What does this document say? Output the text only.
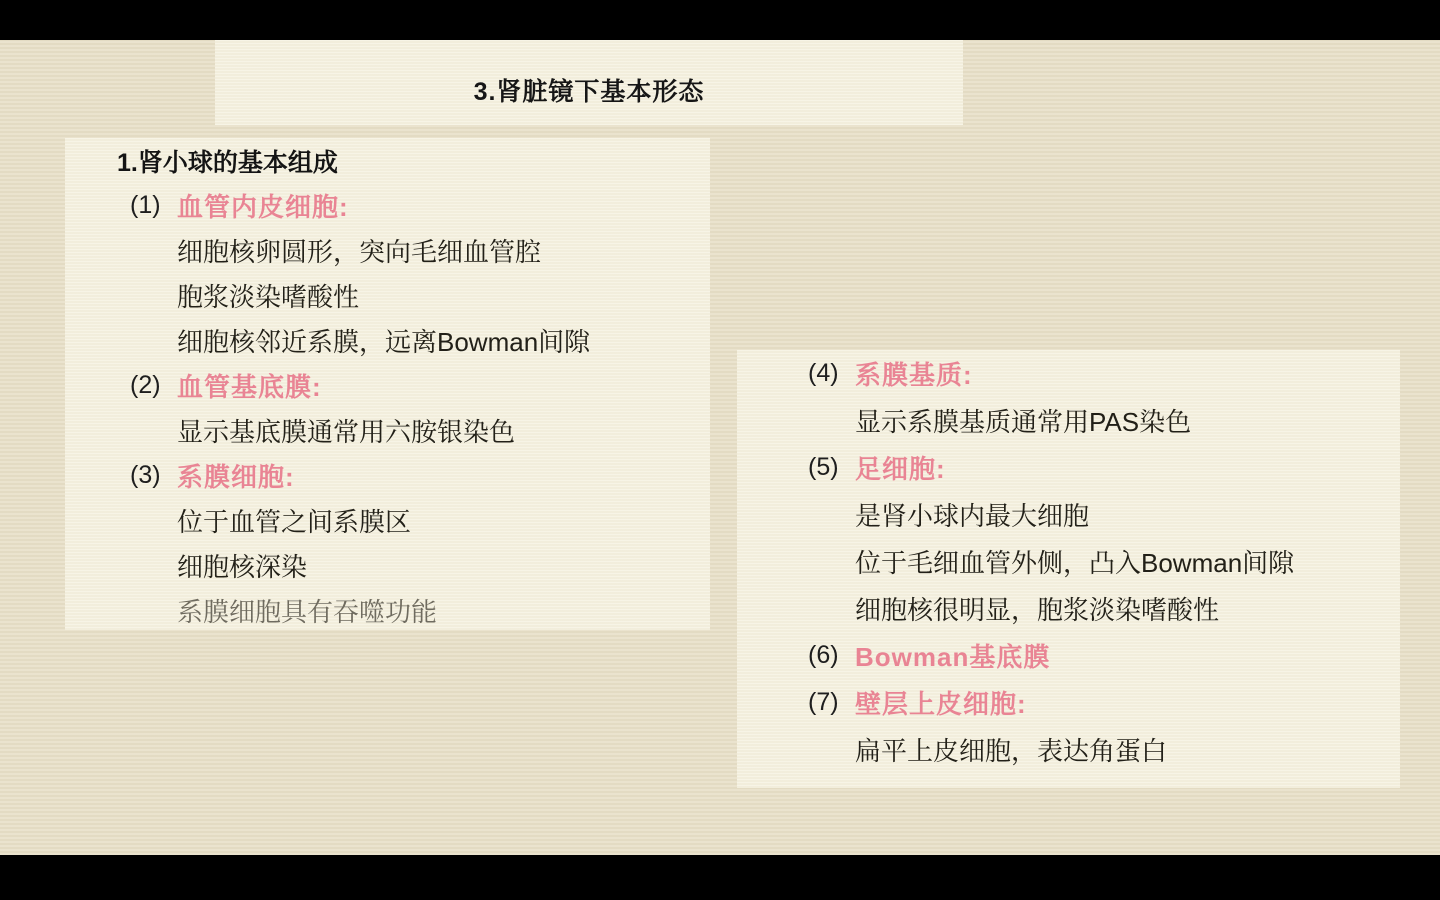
3.肾脏镜下基本形态
1.肾小球的基本组成
(1) 血管内皮细胞:
细胞核卵圆形，突向毛细血管腔
胞浆淡染嗜酸性
细胞核邻近系膜，远离Bowman间隙
(2) 血管基底膜:
显示基底膜通常用六胺银染色
(3) 系膜细胞:
位于血管之间系膜区
细胞核深染
系膜细胞具有吞噬功能
(4) 系膜基质:
显示系膜基质通常用PAS染色
(5) 足细胞:
是肾小球内最大细胞
位于毛细血管外侧，凸入Bowman间隙
细胞核很明显，胞浆淡染嗜酸性
(6) Bowman基底膜
(7) 壁层上皮细胞:
扁平上皮细胞，表达角蛋白
